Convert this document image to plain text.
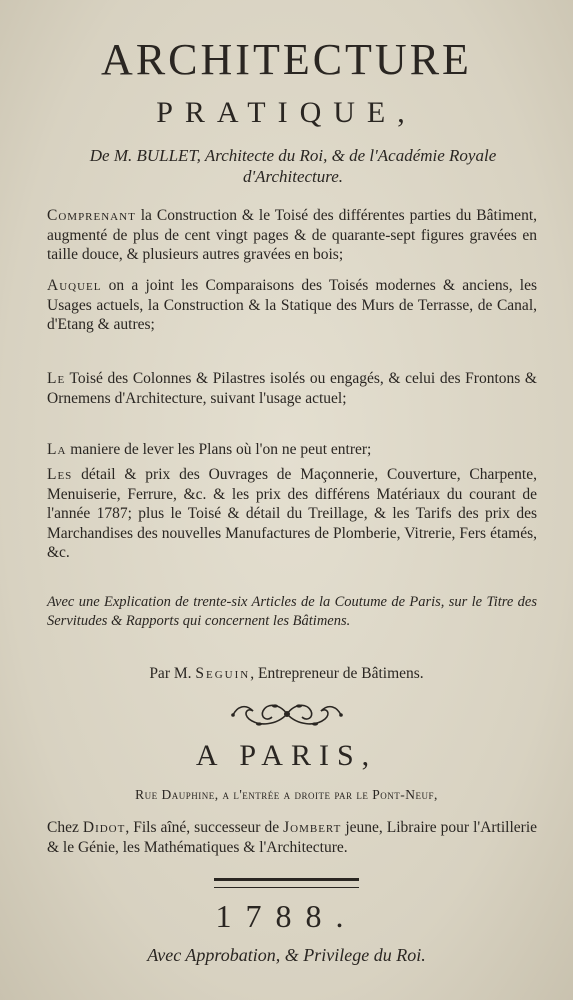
ARCHITECTURE
PRATIQUE,
De M. BULLET, Architecte du Roi, & de l'Académie Royale d'Architecture.
Comprenant la Construction & le Toisé des différentes parties du Bâtiment, augmenté de plus de cent vingt pages & de quarante-sept figures gravées en taille douce, & plusieurs autres gravées en bois;
Auquel on a joint les Comparaisons des Toisés modernes & anciens, les Usages actuels, la Construction & la Statique des Murs de Terrasse, de Canal, d'Etang & autres;
Le Toisé des Colonnes & Pilastres isolés ou engagés, & celui des Frontons & Ornemens d'Architecture, suivant l'usage actuel;
La maniere de lever les Plans où l'on ne peut entrer;
Les détail & prix des Ouvrages de Maçonnerie, Couverture, Charpente, Menuiserie, Ferrure, &c. & les prix des différens Matériaux du courant de l'année 1787; plus le Toisé & détail du Treillage, & les Tarifs des prix des Marchandises des nouvelles Manufactures de Plomberie, Vitrerie, Fers étamés, &c.
Avec une Explication de trente-six Articles de la Coutume de Paris, sur le Titre des Servitudes & Rapports qui concernent les Bâtimens.
Par M. Seguin, Entrepreneur de Bâtimens.
A PARIS,
Rue Dauphine, a l'entrée a droite par le Pont-Neuf,
Chez Didot, Fils aîné, successeur de Jombert jeune, Libraire pour l'Artillerie & le Génie, les Mathématiques & l'Architecture.
1788.
Avec Approbation, & Privilege du Roi.
